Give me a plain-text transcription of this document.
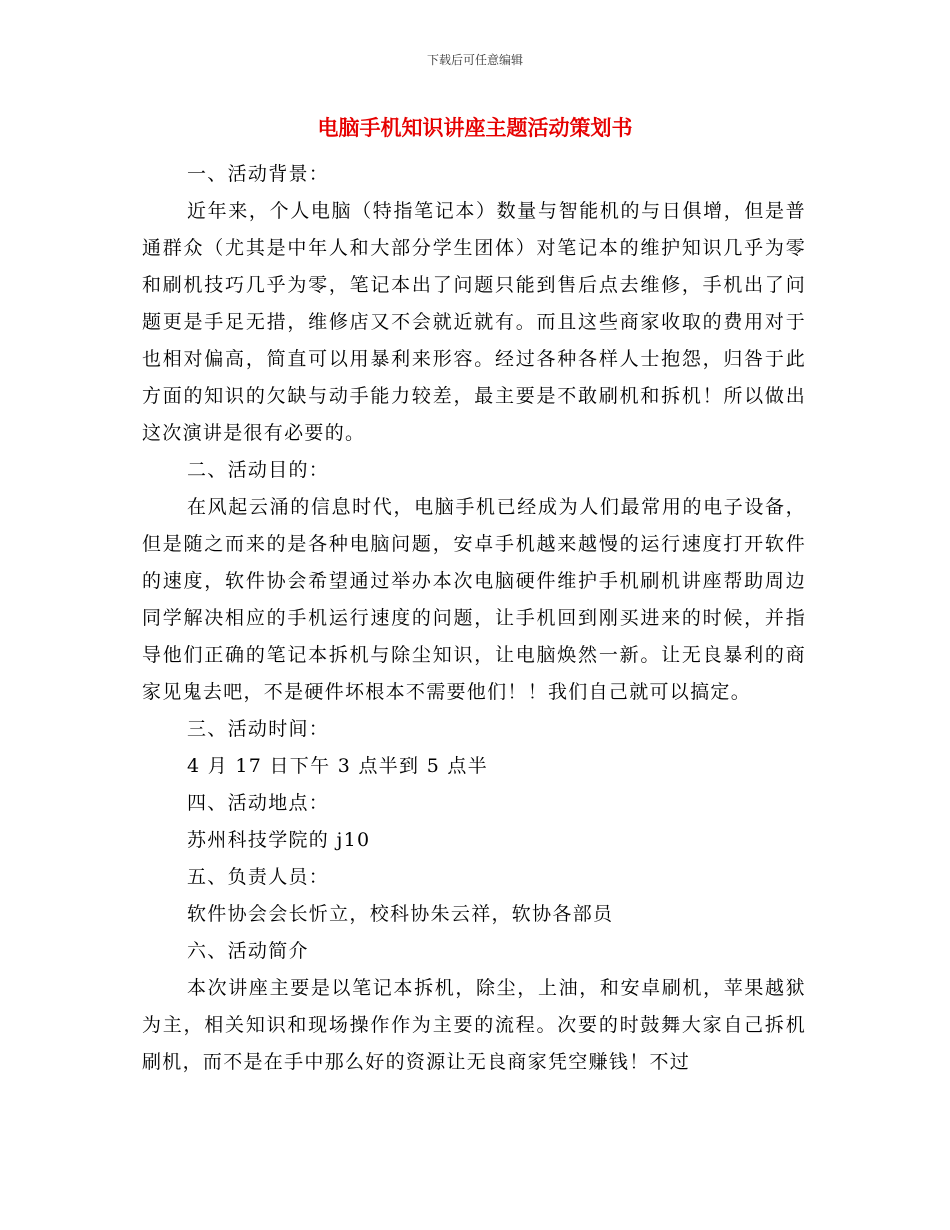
下载后可任意编辑
电脑手机知识讲座主题活动策划书

一、活动背景：

近年来，个人电脑（特指笔记本）数量与智能机的与日俱增，但是普通群众（尤其是中年人和大部分学生团体）对笔记本的维护知识几乎为零和刷机技巧几乎为零，笔记本出了问题只能到售后点去维修，手机出了问题更是手足无措，维修店又不会就近就有。而且这些商家收取的费用对于也相对偏高，简直可以用暴利来形容。经过各种各样人士抱怨，归咎于此方面的知识的欠缺与动手能力较差，最主要是不敢刷机和拆机！所以做出这次演讲是很有必要的。

二、活动目的：

在风起云涌的信息时代，电脑手机已经成为人们最常用的电子设备，但是随之而来的是各种电脑问题，安卓手机越来越慢的运行速度打开软件的速度，软件协会希望通过举办本次电脑硬件维护手机刷机讲座帮助周边同学解决相应的手机运行速度的问题，让手机回到刚买进来的时候，并指导他们正确的笔记本拆机与除尘知识，让电脑焕然一新。让无良暴利的商家见鬼去吧，不是硬件坏根本不需要他们！！我们自己就可以搞定。

三、活动时间：

4 月 17 日下午 3 点半到 5 点半

四、活动地点：

苏州科技学院的 j10

五、负责人员：

软件协会会长忻立，校科协朱云祥，软协各部员

六、活动简介

本次讲座主要是以笔记本拆机，除尘，上油，和安卓刷机，苹果越狱为主，相关知识和现场操作作为主要的流程。次要的时鼓舞大家自己拆机刷机，而不是在手中那么好的资源让无良商家凭空赚钱！不过
